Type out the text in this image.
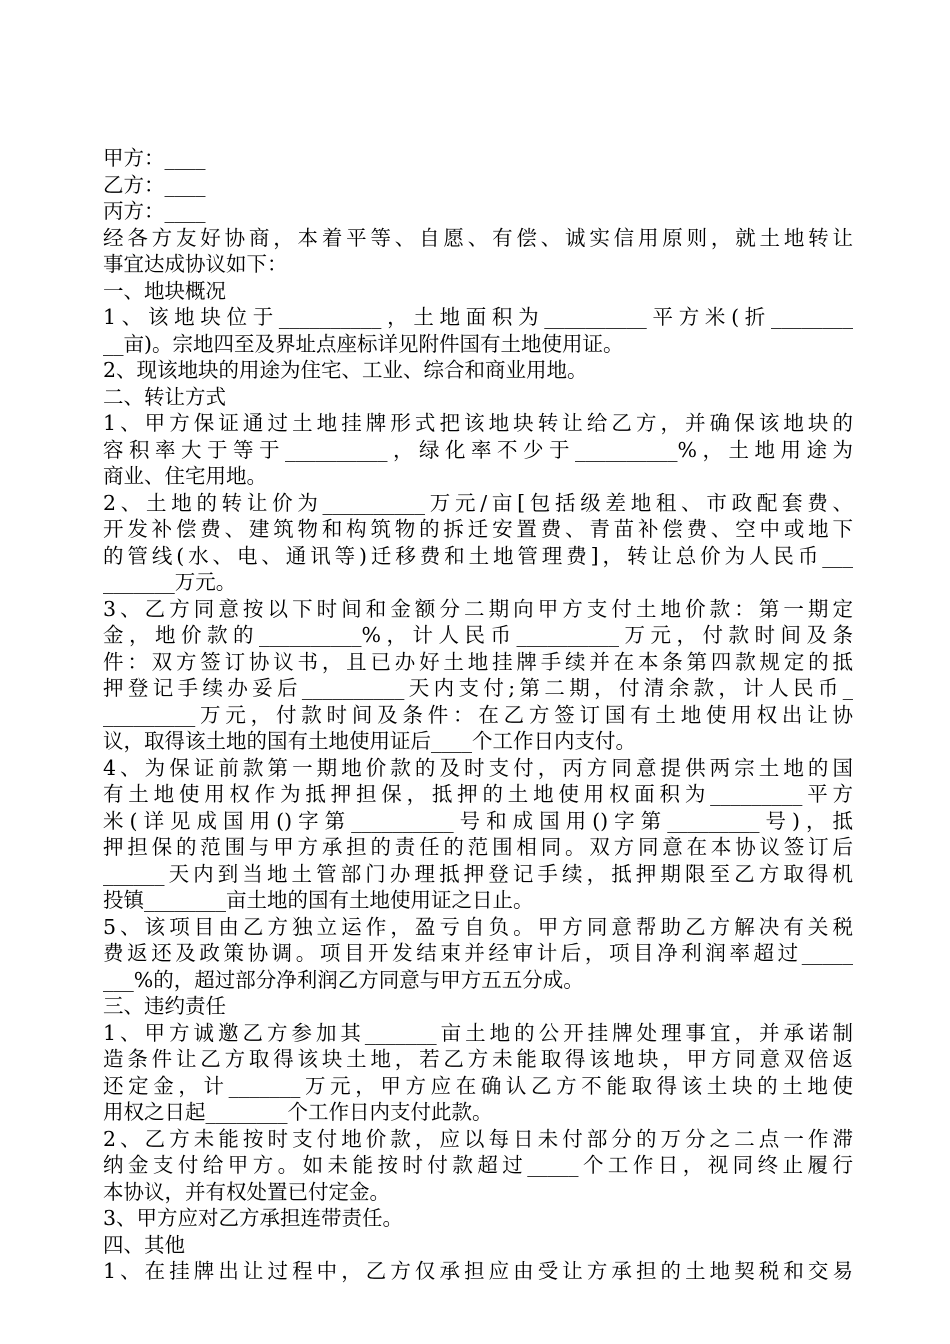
甲方：____
乙方：____
丙方：____
经各方友好协商，本着平等、自愿、有偿、诚实信用原则，就土地转让
事宜达成协议如下：
一、地块概况
1、该地块位于__________，土地面积为__________平方米(折________
__亩)。宗地四至及界址点座标详见附件国有土地使用证。
2、现该地块的用途为住宅、工业、综合和商业用地。
二、转让方式
1、甲方保证通过土地挂牌形式把该地块转让给乙方，并确保该地块的
容积率大于等于__________，绿化率不少于__________%，土地用途为
商业、住宅用地。
2、土地的转让价为__________万元/亩[包括级差地租、市政配套费、
开发补偿费、建筑物和构筑物的拆迁安置费、青苗补偿费、空中或地下
的管线(水、电、通讯等)迁移费和土地管理费]，转让总价为人民币___
_______万元。
3、乙方同意按以下时间和金额分二期向甲方支付土地价款：第一期定
金，地价款的__________%，计人民币__________万元，付款时间及条
件：双方签订协议书，且已办好土地挂牌手续并在本条第四款规定的抵
押登记手续办妥后__________天内支付;第二期，付清余款，计人民币_
_________万元，付款时间及条件：在乙方签订国有土地使用权出让协
议，取得该土地的国有土地使用证后____个工作日内支付。
4、为保证前款第一期地价款的及时支付，丙方同意提供两宗土地的国
有土地使用权作为抵押担保，抵押的土地使用权面积为_________平方
米(详见成国用()字第__________号和成国用()字第_________号)，抵
押担保的范围与甲方承担的责任的范围相同。双方同意在本协议签订后
______天内到当地土管部门办理抵押登记手续，抵押期限至乙方取得机
投镇________亩土地的国有土地使用证之日止。
5、该项目由乙方独立运作，盈亏自负。甲方同意帮助乙方解决有关税
费返还及政策协调。项目开发结束并经审计后，项目净利润率超过_____
___%的，超过部分净利润乙方同意与甲方五五分成。
三、违约责任
1、甲方诚邀乙方参加其_______亩土地的公开挂牌处理事宜，并承诺制
造条件让乙方取得该块土地，若乙方未能取得该地块，甲方同意双倍返
还定金，计_______万元，甲方应在确认乙方不能取得该土块的土地使
用权之日起________个工作日内支付此款。
2、乙方未能按时支付地价款，应以每日未付部分的万分之二点一作滞
纳金支付给甲方。如未能按时付款超过_____个工作日，视同终止履行
本协议，并有权处置已付定金。
3、甲方应对乙方承担连带责任。
四、其他
1、在挂牌出让过程中，乙方仅承担应由受让方承担的土地契税和交易
